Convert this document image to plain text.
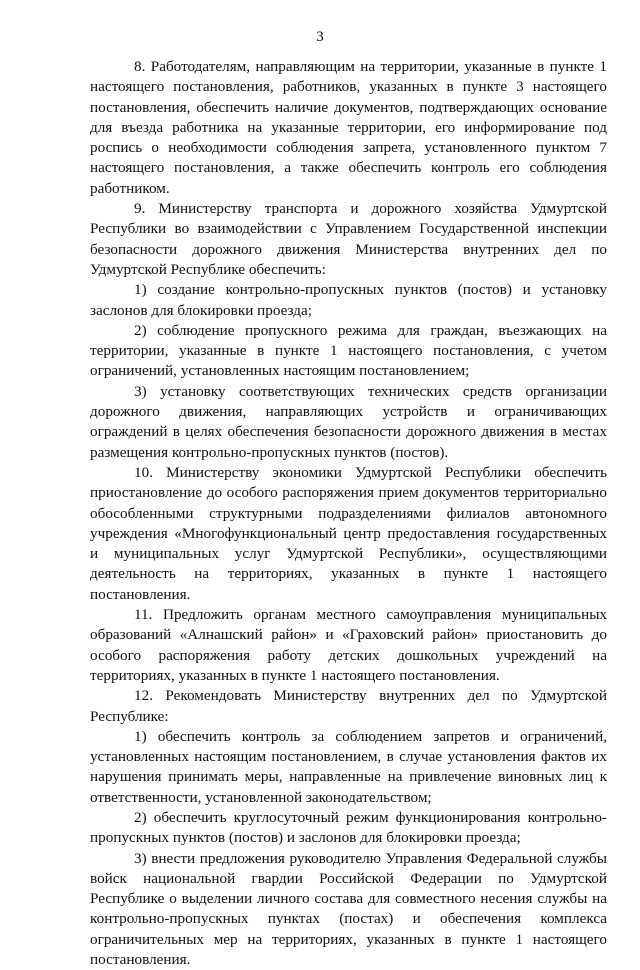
3

8. Работодателям, направляющим на территории, указанные в пункте 1 настоящего постановления, работников, указанных в пункте 3 настоящего постановления, обеспечить наличие документов, подтверждающих основание для въезда работника на указанные территории, его информирование под роспись о необходимости соблюдения запрета, установленного пунктом 7 настоящего постановления, а также обеспечить контроль его соблюдения работником.

9. Министерству транспорта и дорожного хозяйства Удмуртской Республики во взаимодействии с Управлением Государственной инспекции безопасности дорожного движения Министерства внутренних дел по Удмуртской Республике обеспечить:

1) создание контрольно-пропускных пунктов (постов) и установку заслонов для блокировки проезда;

2) соблюдение пропускного режима для граждан, въезжающих на территории, указанные в пункте 1 настоящего постановления, с учетом ограничений, установленных настоящим постановлением;

3) установку соответствующих технических средств организации дорожного движения, направляющих устройств и ограничивающих ограждений в целях обеспечения безопасности дорожного движения в местах размещения контрольно-пропускных пунктов (постов).

10. Министерству экономики Удмуртской Республики обеспечить приостановление до особого распоряжения прием документов территориально обособленными структурными подразделениями филиалов автономного учреждения «Многофункциональный центр предоставления государственных и муниципальных услуг Удмуртской Республики», осуществляющими деятельность на территориях, указанных в пункте 1 настоящего постановления.

11. Предложить органам местного самоуправления муниципальных образований «Алнашский район» и «Граховский район» приостановить до особого распоряжения работу детских дошкольных учреждений на территориях, указанных в пункте 1 настоящего постановления.

12. Рекомендовать Министерству внутренних дел по Удмуртской Республике:

1) обеспечить контроль за соблюдением запретов и ограничений, установленных настоящим постановлением, в случае установления фактов их нарушения принимать меры, направленные на привлечение виновных лиц к ответственности, установленной законодательством;

2) обеспечить круглосуточный режим функционирования контрольно-пропускных пунктов (постов) и заслонов для блокировки проезда;

3) внести предложения руководителю Управления Федеральной службы войск национальной гвардии Российской Федерации по Удмуртской Республике о выделении личного состава для совместного несения службы на контрольно-пропускных пунктах (постах) и обеспечения комплекса ограничительных мер на территориях, указанных в пункте 1 настоящего постановления.
